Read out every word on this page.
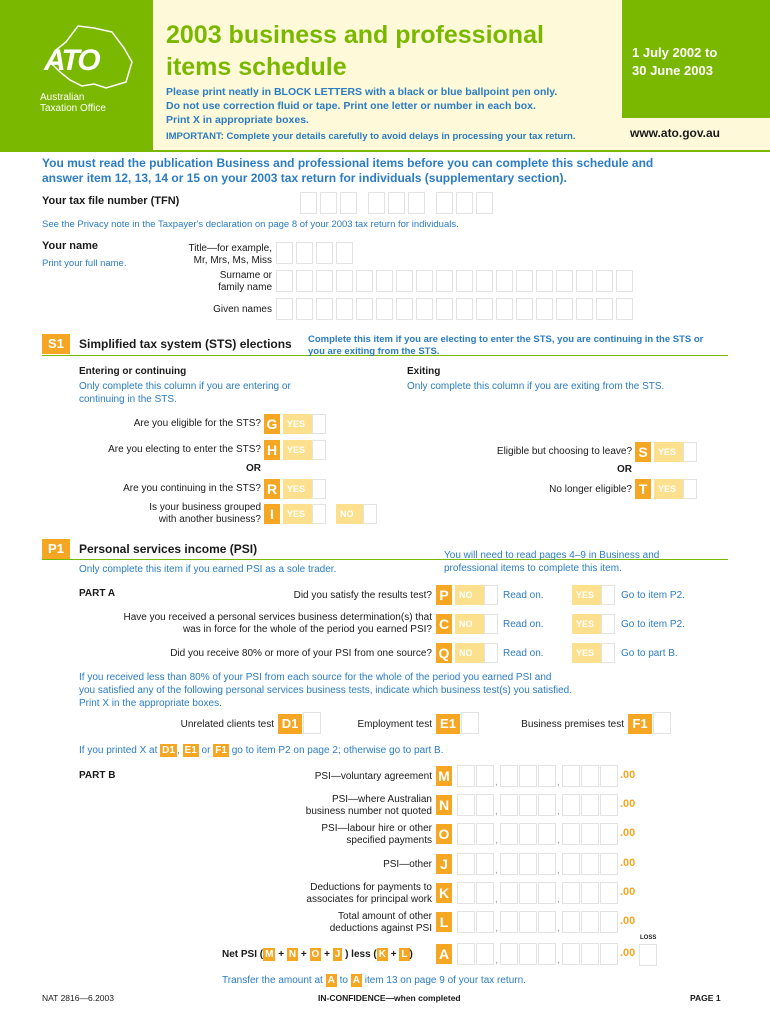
ATO
Australian
Taxation Office
2003 business and professional
items schedule
Please print neatly in BLOCK LETTERS with a black or blue ballpoint pen only.
Do not use correction fluid or tape. Print one letter or number in each box.
Print X in appropriate boxes.
IMPORTANT: Complete your details carefully to avoid delays in processing your tax return.
1 July 2002 to
30 June 2003
www.ato.gov.au
You must read the publication Business and professional items before you can complete this schedule and
answer item 12, 13, 14 or 15 on your 2003 tax return for individuals (supplementary section).
Your tax file number (TFN)
See the Privacy note in the Taxpayer's declaration on page 8 of your 2003 tax return for individuals.
Your name
Print your full name.
Title—for example,
Mr, Mrs, Ms, Miss
Surname or
family name
Given names
S1	Simplified tax system (STS) elections Complete this item if you are electing to enter the STS, you are continuing in the STS or
you are exiting from the STS.
Entering or continuing
Only complete this column if you are entering or
continuing in the STS.
Exiting
Only complete this column if you are exiting from the STS.
Are you eligible for the STS? G	YES
Are you electing to enter the STS? H	YES
OR
Are you continuing in the STS? R	YES
Is your business grouped
with another business? I	YES	NO
Eligible but choosing to leave? S	YES
OR
No longer eligible? T	YES
P1	Personal services income (PSI)
Only complete this item if you earned PSI as a sole trader.
You will need to read pages 4–9 in Business and
professional items to complete this item.
PART A	Did you satisfy the results test? P	NO	Read on.	YES	Go to item P2.
Have you received a personal services business determination(s) that
was in force for the whole of the period you earned PSI? C	NO	Read on.	YES	Go to item P2.
Did you receive 80% or more of your PSI from one source? Q	NO	Read on.	YES	Go to part B.
If you received less than 80% of your PSI from each source for the whole of the period you earned PSI and
you satisfied any of the following personal services business tests, indicate which business test(s) you satisfied.
Print X in the appropriate boxes.
Unrelated clients test D1	Employment test E1	Business premises test F1
If you printed X at D1 , E1 or F1 go to item P2 on page 2; otherwise go to part B.
PART B	PSI—voluntary agreement M	,	,
.00
PSI—where Australian
business number not quoted N	,	,
.00
PSI—labour hire or other
specified payments O	,	,
.00
PSI—other J	,	,
.00
Deductions for payments to
associates for principal work K	,	,
.00
Total amount of other
deductions against PSI L	,	,
.00
LOSS
Net PSI ( M + N + O + J ) less ( K + L ) A	,	,
.00
Transfer the amount at A to A item 13 on page 9 of your tax return.
NAT 2816—6.2003	IN-CONFIDENCE—when completed	PAGE 1
